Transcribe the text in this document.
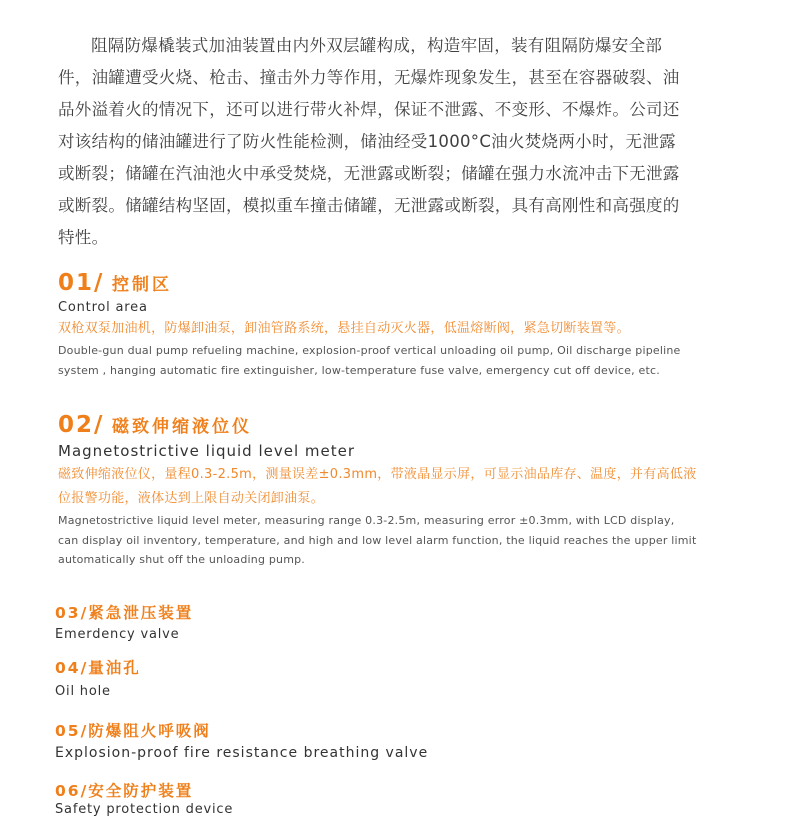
阻隔防爆橇装式加油装置由内外双层罐构成，构造牢固，装有阻隔防爆安全部件，油罐遭受火烧、枪击、撞击外力等作用，无爆炸现象发生，甚至在容器破裂、油品外溢着火的情况下，还可以进行带火补焊，保证不泄露、不变形、不爆炸。公司还对该结构的储油罐进行了防火性能检测，储油经受1000°C油火焚烧两小时，无泄露或断裂；储罐在汽油池火中承受焚烧，无泄露或断裂；储罐在强力水流冲击下无泄露或断裂。储罐结构坚固，模拟重车撞击储罐，无泄露或断裂，具有高刚性和高强度的特性。

01/ 控制区

Control area

双枪双泵加油机，防爆卸油泵，卸油管路系统，悬挂自动灭火器，低温熔断阀，紧急切断装置等。

Double-gun dual pump refueling machine, explosion-proof vertical unloading oil pump, Oil discharge pipeline system , hanging automatic fire extinguisher, low-temperature fuse valve, emergency cut off device, etc.

02/ 磁致伸缩液位仪

Magnetostrictive liquid level meter

磁致伸缩液位仪，量程0.3-2.5m，测量误差±0.3mm，带液晶显示屏，可显示油品库存、温度，并有高低液位报警功能，液体达到上限自动关闭卸油泵。

Magnetostrictive liquid level meter, measuring range 0.3-2.5m, measuring error ±0.3mm, with LCD display, can display oil inventory, temperature, and high and low level alarm function, the liquid reaches the upper limit automatically shut off the unloading pump.

03/紧急泄压装置

Emerdency valve

04/量油孔

Oil hole

05/防爆阻火呼吸阀

Explosion-proof fire resistance breathing valve

06/安全防护装置

Safety protection device
